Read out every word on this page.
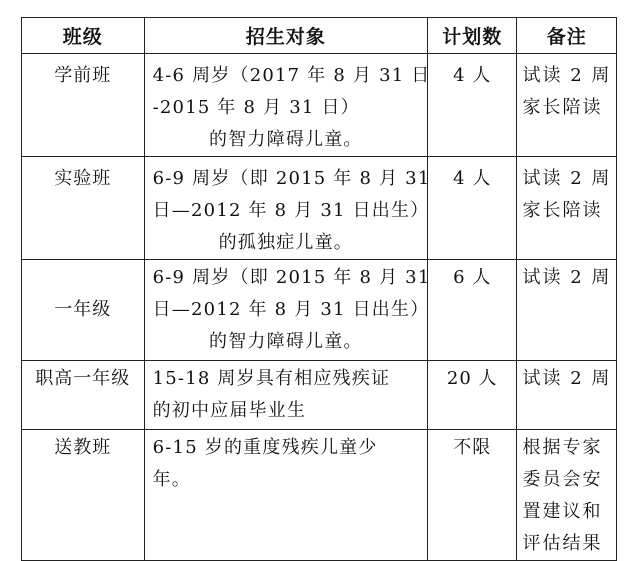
班级	招生对象	计划数	备注
学前班	4-6 周岁（2017 年 8 月 31 日
-2015 年 8 月 31 日）
的智力障碍儿童。	4 人	试读 2 周
家长陪读

实验班	6-9 周岁（即 2015 年 8 月 31
日—2012 年 8 月 31 日出生）
的孤独症儿童。	4 人	试读 2 周
家长陪读

一年级	6-9 周岁（即 2015 年 8 月 31
日—2012 年 8 月 31 日出生）
的智力障碍儿童。	6 人	试读 2 周

职高一年级	15-18 周岁具有相应残疾证
的初中应届毕业生	20 人	试读 2 周

送教班	6-15 岁的重度残疾儿童少
年。	不限	根据专家
委员会安
置建议和
评估结果
